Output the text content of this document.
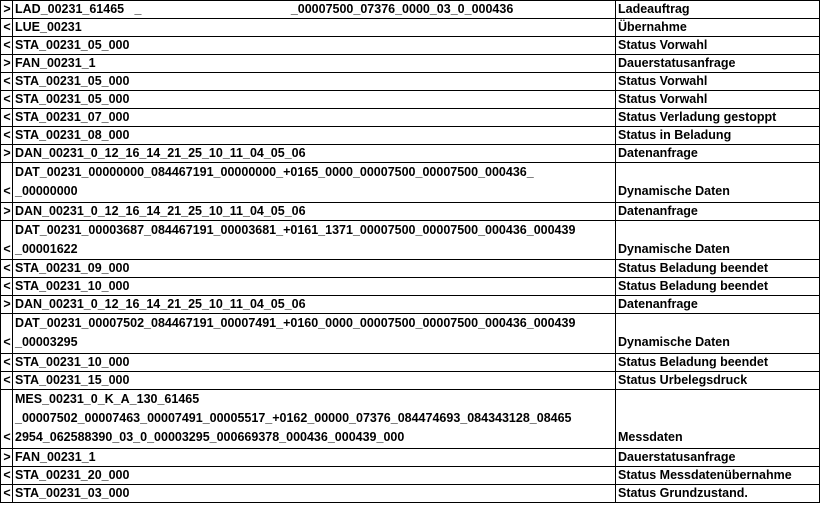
>	LAD_00231_61465   _                                           _00007500_07376_0000_03_0_000436	Ladeauftrag
<	LUE_00231	Übernahme
<	STA_00231_05_000	Status Vorwahl
>	FAN_00231_1	Dauerstatusanfrage
<	STA_00231_05_000	Status Vorwahl
<	STA_00231_05_000	Status Vorwahl
<	STA_00231_07_000	Status Verladung gestoppt
<	STA_00231_08_000	Status in Beladung
>	DAN_00231_0_12_16_14_21_25_10_11_04_05_06	Datenanfrage
<	DAT_00231_00000000_084467191_00000000_+0165_0000_00007500_00007500_000436_
_00000000	Dynamische Daten
>	DAN_00231_0_12_16_14_21_25_10_11_04_05_06	Datenanfrage
<	DAT_00231_00003687_084467191_00003681_+0161_1371_00007500_00007500_000436_000439
_00001622	Dynamische Daten
<	STA_00231_09_000	Status Beladung beendet
<	STA_00231_10_000	Status Beladung beendet
>	DAN_00231_0_12_16_14_21_25_10_11_04_05_06	Datenanfrage
<	DAT_00231_00007502_084467191_00007491_+0160_0000_00007500_00007500_000436_000439
_00003295	Dynamische Daten
<	STA_00231_10_000	Status Beladung beendet
<	STA_00231_15_000	Status Urbelegsdruck
<	MES_00231_0_K_A_130_61465
_00007502_00007463_00007491_00005517_+0162_00000_07376_084474693_084343128_08465
2954_062588390_03_0_00003295_000669378_000436_000439_000	Messdaten
>	FAN_00231_1	Dauerstatusanfrage
<	STA_00231_20_000	Status Messdatenübernahme
<	STA_00231_03_000	Status Grundzustand.
